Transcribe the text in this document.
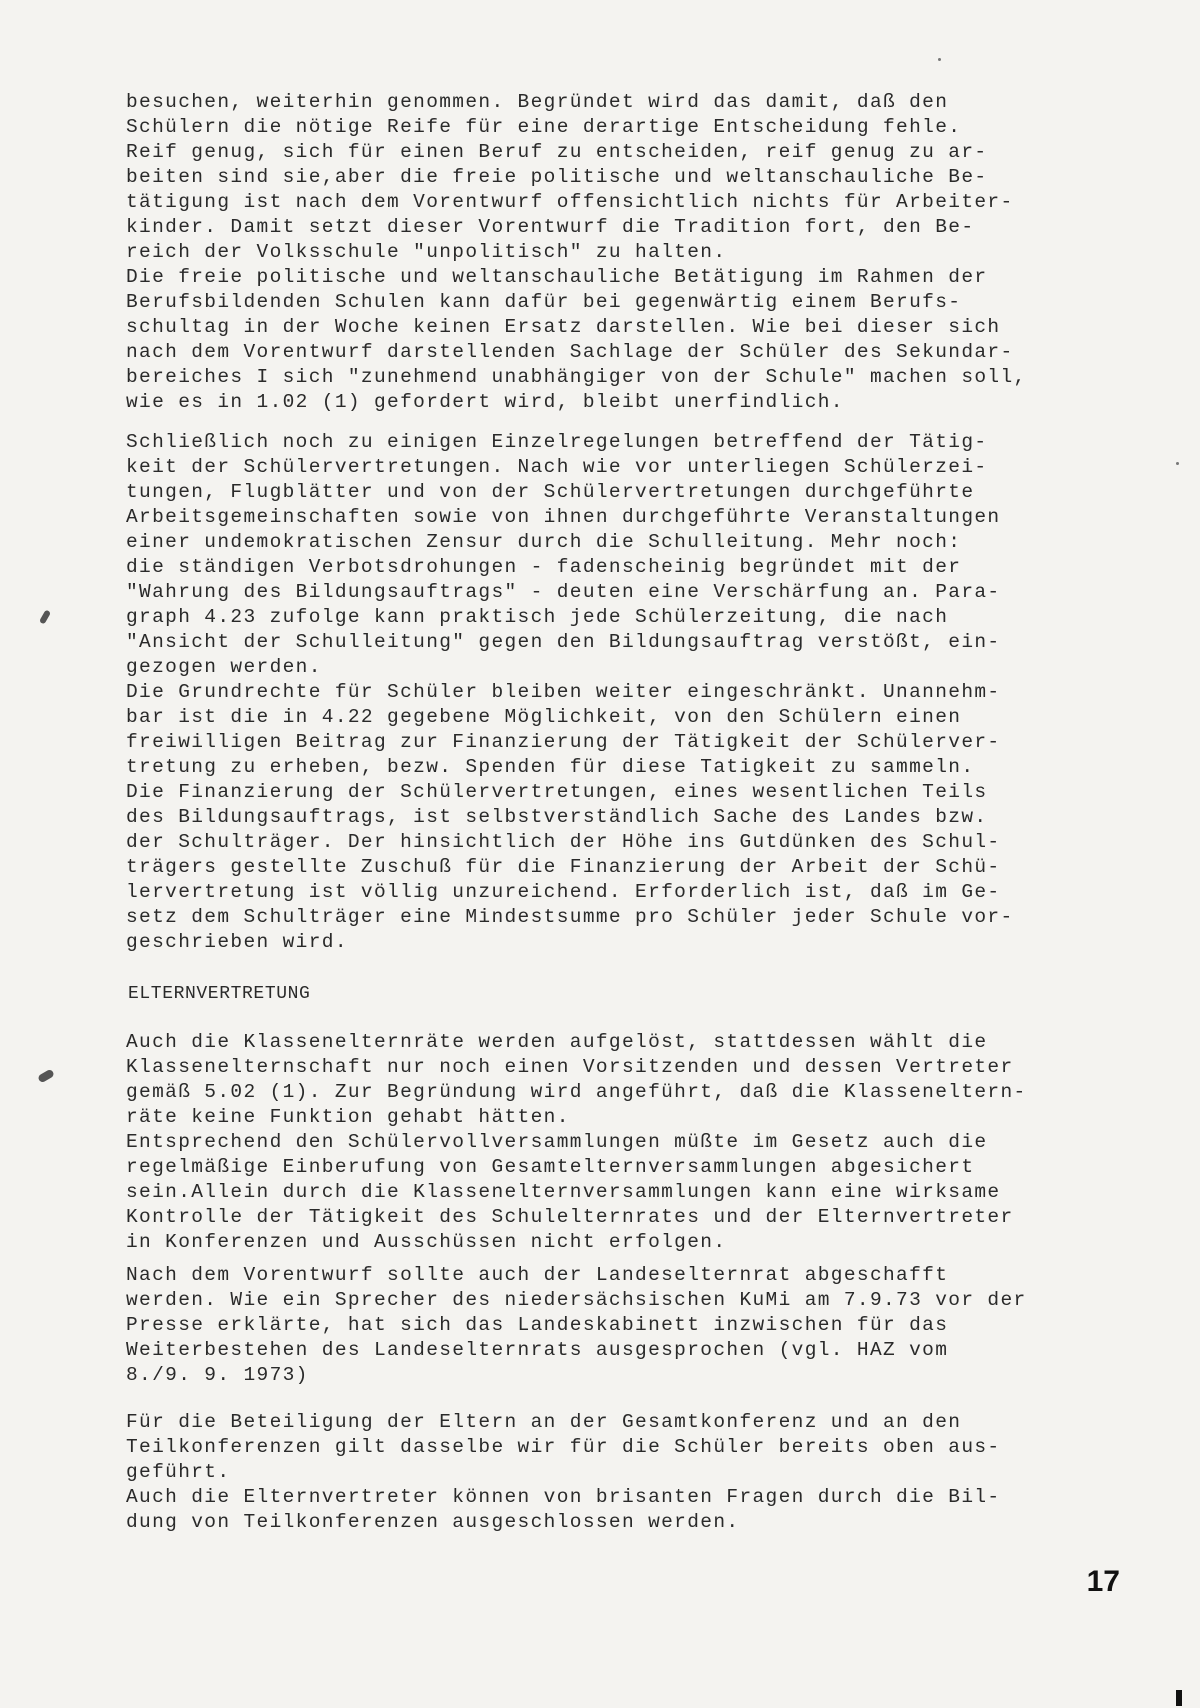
besuchen, weiterhin genommen. Begründet wird das damit, daß den
Schülern die nötige Reife für eine derartige Entscheidung fehle.
Reif genug, sich für einen Beruf zu entscheiden, reif genug zu ar-
beiten sind sie,aber die freie politische und weltanschauliche Be-
tätigung ist nach dem Vorentwurf offensichtlich nichts für Arbeiter-
kinder. Damit setzt dieser Vorentwurf die Tradition fort, den Be-
reich der Volksschule "unpolitisch" zu halten.
Die freie politische und weltanschauliche Betätigung im Rahmen der
Berufsbildenden Schulen kann dafür bei gegenwärtig einem Berufs-
schultag in der Woche keinen Ersatz darstellen. Wie bei dieser sich
nach dem Vorentwurf darstellenden Sachlage der Schüler des Sekundar-
bereiches I sich "zunehmend unabhängiger von der Schule" machen soll,
wie es in 1.02 (1) gefordert wird, bleibt unerfindlich.
Schließlich noch zu einigen Einzelregelungen betreffend der Tätig-
keit der Schülervertretungen. Nach wie vor unterliegen Schülerzei-
tungen, Flugblätter und von der Schülervertretungen durchgeführte
Arbeitsgemeinschaften sowie von ihnen durchgeführte Veranstaltungen
einer undemokratischen Zensur durch die Schulleitung. Mehr noch:
die ständigen Verbotsdrohungen - fadenscheinig begründet mit der
"Wahrung des Bildungsauftrags" - deuten eine Verschärfung an. Para-
graph 4.23 zufolge kann praktisch jede Schülerzeitung, die nach
"Ansicht der Schulleitung" gegen den Bildungsauftrag verstößt, ein-
gezogen werden.
Die Grundrechte für Schüler bleiben weiter eingeschränkt. Unannehm-
bar ist die in 4.22 gegebene Möglichkeit, von den Schülern einen
freiwilligen Beitrag zur Finanzierung der Tätigkeit der Schülerver-
tretung zu erheben, bezw. Spenden für diese Tatigkeit zu sammeln.
Die Finanzierung der Schülervertretungen, eines wesentlichen Teils
des Bildungsauftrags, ist selbstverständlich Sache des Landes bzw.
der Schulträger. Der hinsichtlich der Höhe ins Gutdünken des Schul-
trägers gestellte Zuschuß für die Finanzierung der Arbeit der Schü-
lervertretung ist völlig unzureichend. Erforderlich ist, daß im Ge-
setz dem Schulträger eine Mindestsumme pro Schüler jeder Schule vor-
geschrieben wird.
ELTERNVERTRETUNG
Auch die Klassenelternräte werden aufgelöst, stattdessen wählt die
Klassenelternschaft nur noch einen Vorsitzenden und dessen Vertreter
gemäß 5.02 (1). Zur Begründung wird angeführt, daß die Klasseneltern-
räte keine Funktion gehabt hätten.
Entsprechend den Schülervollversammlungen müßte im Gesetz auch die
regelmäßige Einberufung von Gesamtelternversammlungen abgesichert
sein.Allein durch die Klassenelternversammlungen kann eine wirksame
Kontrolle der Tätigkeit des Schulelternrates und der Elternvertreter
in Konferenzen und Ausschüssen nicht erfolgen.
Nach dem Vorentwurf sollte auch der Landeselternrat abgeschafft
werden. Wie ein Sprecher des niedersächsischen KuMi am 7.9.73 vor der
Presse erklärte, hat sich das Landeskabinett inzwischen für das
Weiterbestehen des Landeselternrats ausgesprochen (vgl. HAZ vom
8./9. 9. 1973)
Für die Beteiligung der Eltern an der Gesamtkonferenz und an den
Teilkonferenzen gilt dasselbe wir für die Schüler bereits oben aus-
geführt.
Auch die Elternvertreter können von brisanten Fragen durch die Bil-
dung von Teilkonferenzen ausgeschlossen werden.
17
